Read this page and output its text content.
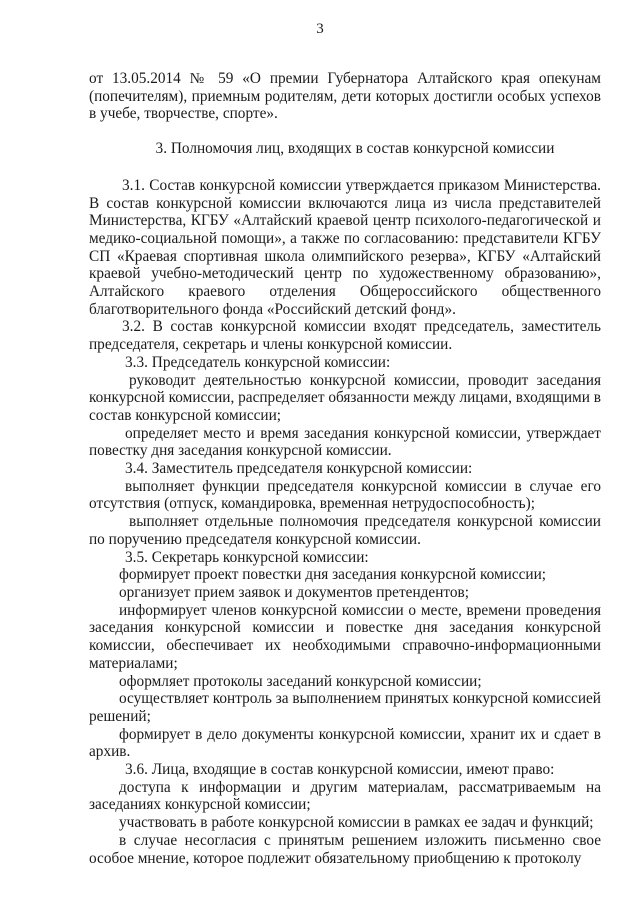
3

от 13.05.2014 № 59 «О премии Губернатора Алтайского края опекунам (попечителям), приемным родителям, дети которых достигли особых успехов в учебе, творчестве, спорте».

3. Полномочия лиц, входящих в состав конкурсной комиссии

3.1. Состав конкурсной комиссии утверждается приказом Министерства. В состав конкурсной комиссии включаются лица из числа представителей Министерства, КГБУ «Алтайский краевой центр психолого-педагогической и медико-социальной помощи», а также по согласованию: представители КГБУ СП «Краевая спортивная школа олимпийского резерва», КГБУ «Алтайский краевой учебно-методический центр по художественному образованию», Алтайского краевого отделения Общероссийского общественного благотворительного фонда «Российский детский фонд».

3.2. В состав конкурсной комиссии входят председатель, заместитель председателя, секретарь и члены конкурсной комиссии.

3.3. Председатель конкурсной комиссии:

руководит деятельностью конкурсной комиссии, проводит заседания конкурсной комиссии, распределяет обязанности между лицами, входящими в состав конкурсной комиссии;

определяет место и время заседания конкурсной комиссии, утверждает повестку дня заседания конкурсной комиссии.

3.4. Заместитель председателя конкурсной комиссии:

выполняет функции председателя конкурсной комиссии в случае его отсутствия (отпуск, командировка, временная нетрудоспособность);

выполняет отдельные полномочия председателя конкурсной комиссии по поручению председателя конкурсной комиссии.

3.5. Секретарь конкурсной комиссии:

формирует проект повестки дня заседания конкурсной комиссии;

организует прием заявок и документов претендентов;

информирует членов конкурсной комиссии о месте, времени проведения заседания конкурсной комиссии и повестке дня заседания конкурсной комиссии, обеспечивает их необходимыми справочно-информационными материалами;

оформляет протоколы заседаний конкурсной комиссии;

осуществляет контроль за выполнением принятых конкурсной комиссией решений;

формирует в дело документы конкурсной комиссии, хранит их и сдает в архив.

3.6. Лица, входящие в состав конкурсной комиссии, имеют право:

доступа к информации и другим материалам, рассматриваемым на заседаниях конкурсной комиссии;

участвовать в работе конкурсной комиссии в рамках ее задач и функций;

в случае несогласия с принятым решением изложить письменно свое особое мнение, которое подлежит обязательному приобщению к протоколу
